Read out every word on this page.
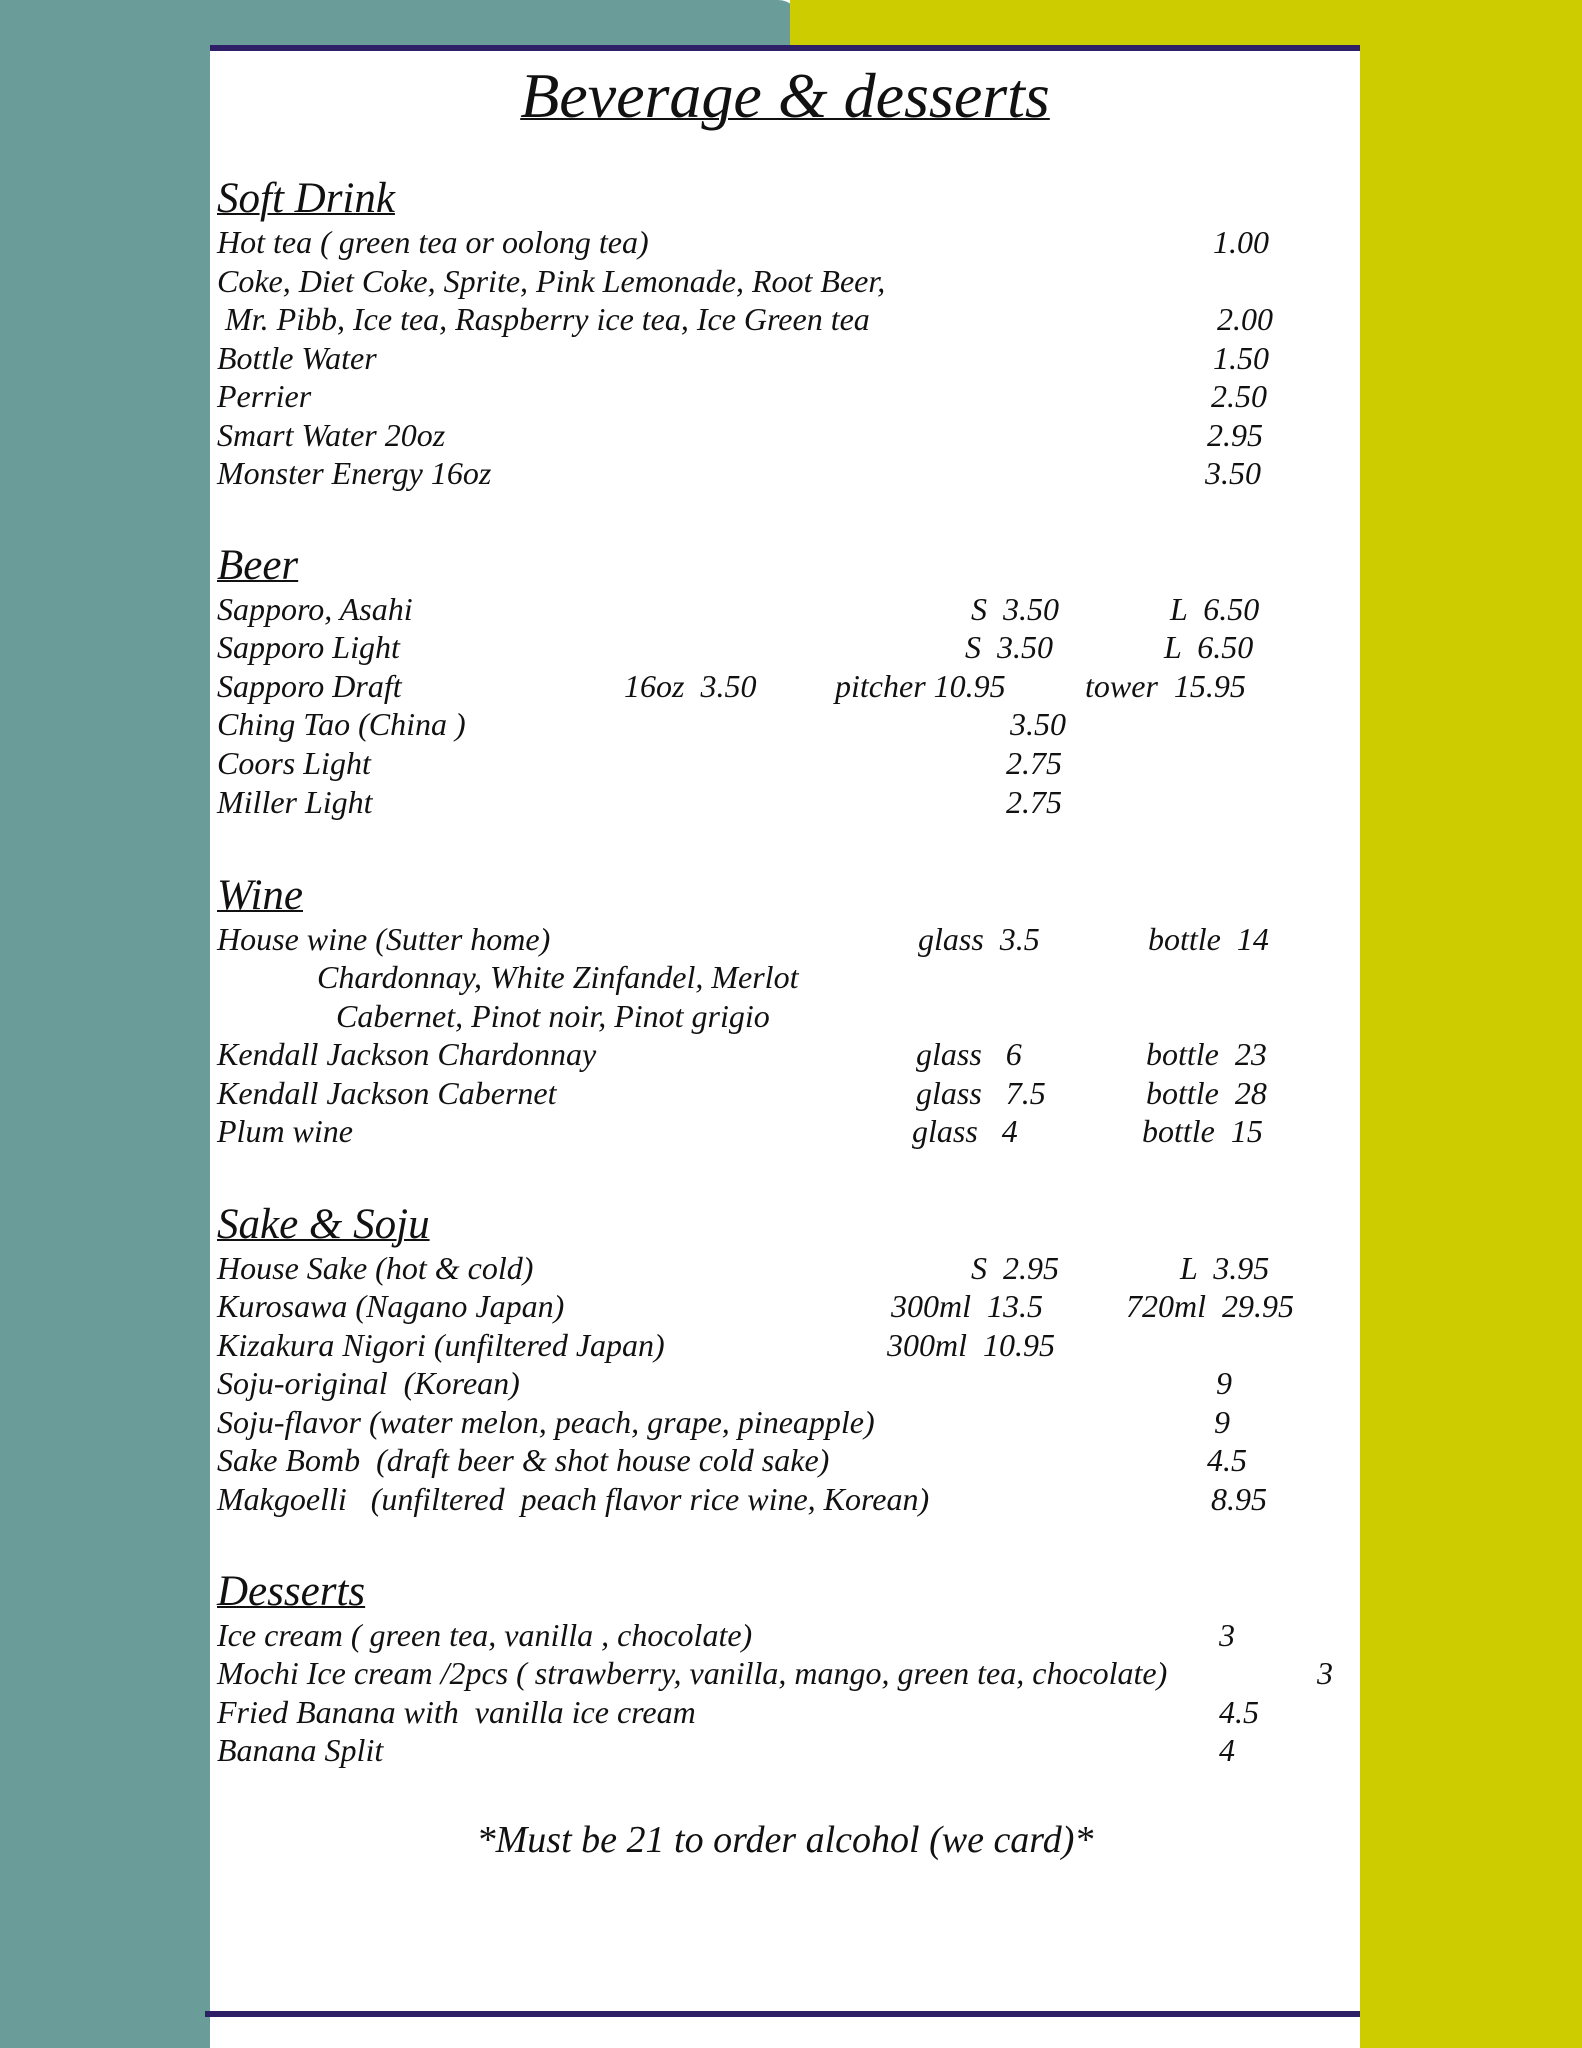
Beverage & desserts
Soft Drink
Hot tea ( green tea or oolong tea)	1.00
Coke, Diet Coke, Sprite, Pink Lemonade, Root Beer,
Mr. Pibb, Ice tea, Raspberry ice tea, Ice Green tea	2.00
Bottle Water	1.50
Perrier	2.50
Smart Water 20oz	2.95
Monster Energy 16oz	3.50
Beer
Sapporo, Asahi	S  3.50	L  6.50
Sapporo Light	S  3.50	L  6.50
Sapporo Draft	16oz  3.50 pitcher 10.95 tower  15.95
Ching Tao (China )	3.50
Coors Light	2.75
Miller Light	2.75
Wine
House wine (Sutter home)	glass  3.5	bottle  14
Chardonnay, White Zinfandel, Merlot
Cabernet, Pinot noir, Pinot grigio
Kendall Jackson Chardonnay	glass   6	bottle  23
Kendall Jackson Cabernet	glass   7.5	bottle  28
Plum wine	glass   4	bottle  15
Sake & Soju
House Sake (hot & cold)	S  2.95	L  3.95
Kurosawa (Nagano Japan)	300ml  13.5	720ml  29.95
Kizakura Nigori (unfiltered Japan)	300ml  10.95
Soju-original  (Korean)	9
Soju-flavor (water melon, peach, grape, pineapple)	9
Sake Bomb  (draft beer & shot house cold sake)	4.5
Makgoelli   (unfiltered  peach flavor rice wine, Korean)	8.95
Desserts
Ice cream ( green tea, vanilla , chocolate)	3
Mochi Ice cream /2pcs ( strawberry, vanilla, mango, green tea, chocolate)	3
Fried Banana with  vanilla ice cream	4.5
Banana Split	4
*Must be 21 to order alcohol (we card)*
